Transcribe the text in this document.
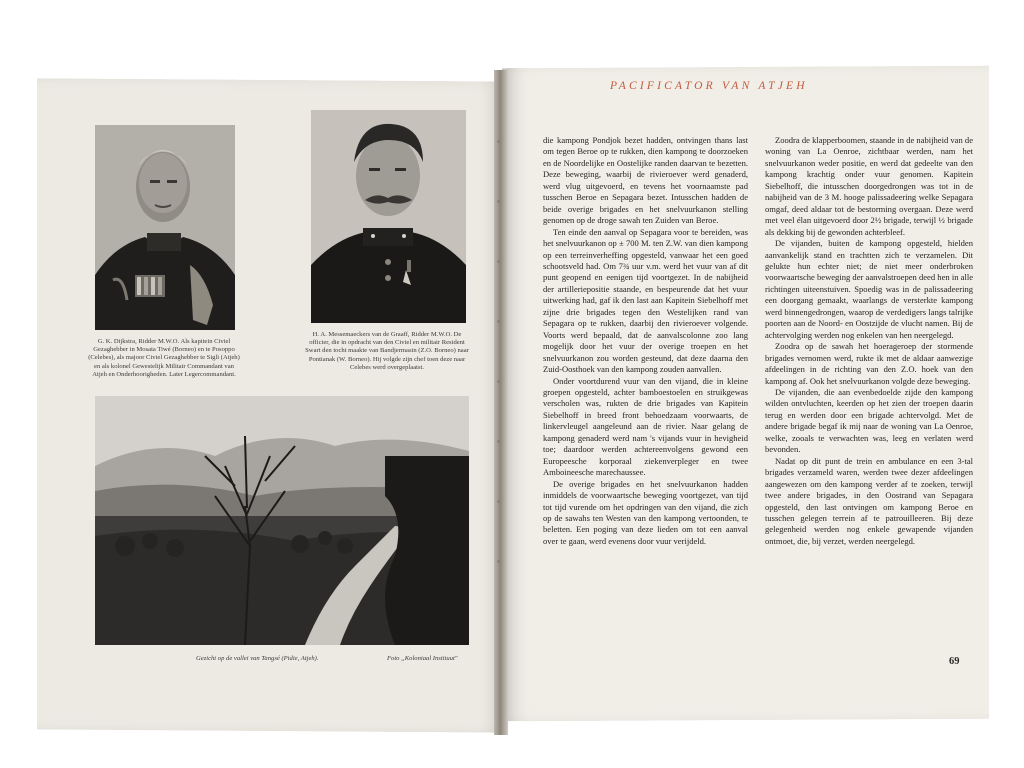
G. K. Dijkstra, Ridder M.W.O. Als kapitein Civiel Gezaghebber in Mosata Tiwé (Borneo) en te Posoppo (Celebes), als majoor Civiel Gezaghebber te Sigli (Atjeh) en als kolonel Gewestelijk Militair Commandant van Atjeh en Onderhoorigheden. Later Legercommandant.
H. A. Messemaeckers van de Graaff, Ridder M.W.O. De officier, die in opdracht van den Civiel en militair Resident Swart den tocht maakte van Bandjermasin (Z.O. Borneo) naar Pontianak (W. Borneo). Hij volgde zijn chef toen deze naar Celebes werd overgeplaatst.
Gezicht op de vallei van Tangsé (Pidie, Atjeh).	Foto „Koloniaal Instituut"
PACIFICATOR VAN ATJEH

die kampong Pondjok bezet hadden, ontvingen thans last om tegen Beroe op te rukken, dien kampong te doorzoeken en de Noordelijke en Oostelijke randen daarvan te bezetten. Deze beweging, waarbij de rivieroever werd genaderd, werd vlug uitgevoerd, en tevens het voornaamste pad tusschen Beroe en Sepagara bezet. Intusschen hadden de beide overige brigades en het snelvuurkanon stelling genomen op de droge sawah ten Zuiden van Beroe.

Ten einde den aanval op Sepagara voor te bereiden, was het snelvuurkanon op ± 700 M. ten Z.W. van dien kampong op een terreinverheffing opgesteld, vanwaar het een goed schootsveld had. Om 7¾ uur v.m. werd het vuur van af dit punt geopend en eenigen tijd voortgezet. In de nabijheid der artilleriepositie staande, en bespeurende dat het vuur uitwerking had, gaf ik den last aan Kapitein Siebelhoff met zijne drie brigades tegen den Westelijken rand van Sepagara op te rukken, daarbij den rivieroever volgende. Voorts werd bepaald, dat de aanvalscolonne zoo lang mogelijk door het vuur der overige troepen en het snelvuurkanon zou worden gesteund, dat deze daarna den Zuid-Oosthoek van den kampong zouden aanvallen.

Onder voortdurend vuur van den vijand, die in kleine groepen opgesteld, achter bamboestoelen en struikgewas verscholen was, rukten de drie brigades van Kapitein Siebelhoff in breed front behoedzaam voorwaarts, de linkervleugel aangeleund aan de rivier. Naar gelang de kampong genaderd werd nam 's vijands vuur in hevigheid toe; daardoor werden achtereenvolgens gewond een Europeesche korporaal ziekenverpleger en twee Amboineesche marechaussee.

De overige brigades en het snelvuurkanon hadden inmiddels de voorwaartsche beweging voortgezet, van tijd tot tijd vurende om het opdringen van den vijand, die zich op de sawahs ten Westen van den kampong vertoonden, te beletten. Een poging van deze lieden om tot een aanval over te gaan, werd evenens door vuur verijdeld.

Zoodra de klapperboomen, staande in de nabijheid van de woning van La Oenroe, zichtbaar werden, nam het snelvuurkanon weder positie, en werd dat gedeelte van den kampong krachtig onder vuur genomen. Kapitein Siebelhoff, die intusschen doorgedrongen was tot in de nabijheid van de 3 M. hooge palissadeering welke Sepagara omgaf, deed aldaar tot de bestorming overgaan. Deze werd met veel élan uitgevoerd door 2½ brigade, terwijl ½ brigade als dekking bij de gewonden achterbleef.

De vijanden, buiten de kampong opgesteld, hielden aanvankelijk stand en trachtten zich te verzamelen. Dit gelukte hun echter niet; de niet meer onderbroken voorwaartsche beweging der aanvalstroepen deed hen in alle richtingen uiteenstuiven. Spoedig was in de palissadeering een doorgang gemaakt, waarlangs de versterkte kampong werd binnengedrongen, waarop de verdedigers langs talrijke poorten aan de Noord- en Oostzijde de vlucht namen. Bij de achtervolging werden nog enkelen van hen neergelegd.

Zoodra op de sawah het hoerageroep der stormende brigades vernomen werd, rukte ik met de aldaar aanwezige afdeelingen in de richting van den Z.O. hoek van den kampong af. Ook het snelvuurkanon volgde deze beweging.

De vijanden, die aan evenbedoelde zijde den kampong wilden ontvluchten, keerden op het zien der troepen daarin terug en werden door een brigade achtervolgd. Met de andere brigade begaf ik mij naar de woning van La Oenroe, welke, zooals te verwachten was, leeg en verlaten werd bevonden.

Nadat op dit punt de trein en ambulance en een 3-tal brigades verzameld waren, werden twee dezer afdeelingen aangewezen om den kampong verder af te zoeken, terwijl twee andere brigades, in den Oostrand van Sepagara opgesteld, den last ontvingen om kampong Beroe en tusschen gelegen terrein af te patrouilleeren. Bij deze gelegenheid werden nog enkele gewapende vijanden ontmoet, die, bij verzet, werden neergelegd.

69
